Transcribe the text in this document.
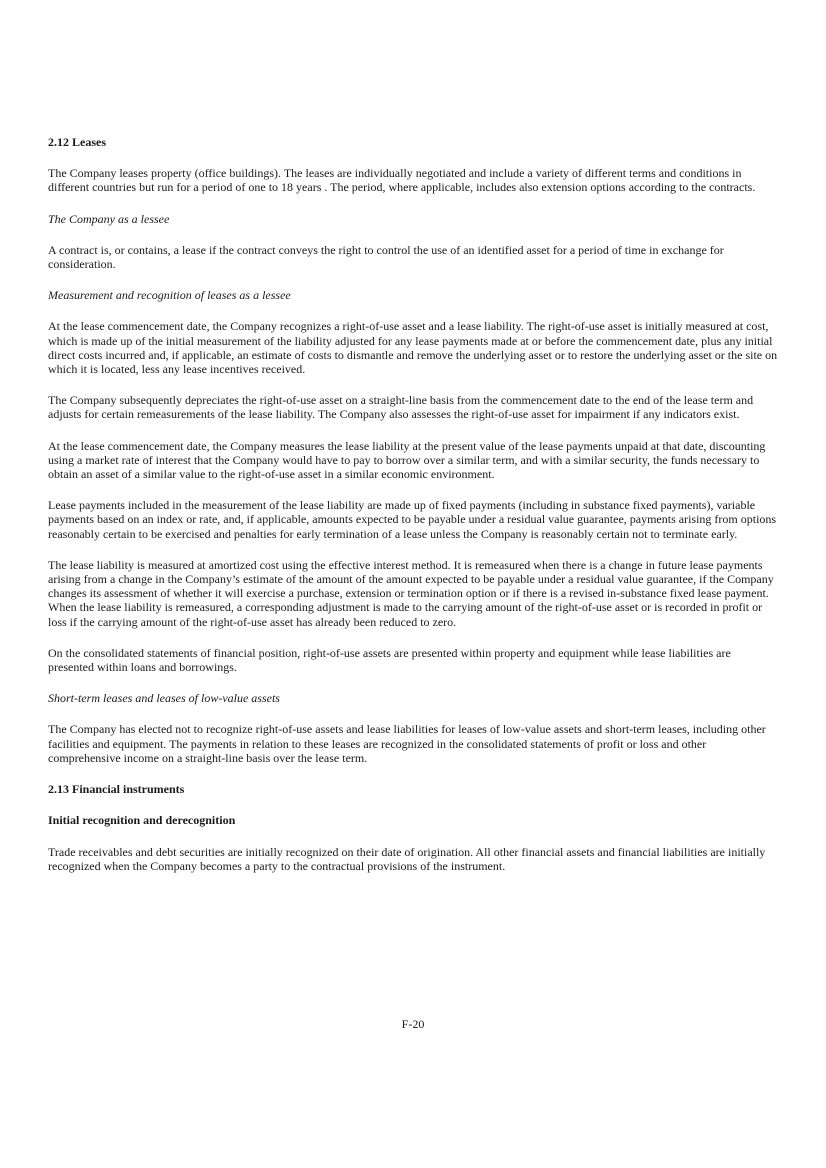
2.12 Leases
The Company leases property (office buildings). The leases are individually negotiated and include a variety of different terms and conditions in different countries but run for a period of one to 18 years . The period, where applicable, includes also extension options according to the contracts.
The Company as a lessee
A contract is, or contains, a lease if the contract conveys the right to control the use of an identified asset for a period of time in exchange for consideration.
Measurement and recognition of leases as a lessee
At the lease commencement date, the Company recognizes a right-of-use asset and a lease liability. The right-of-use asset is initially measured at cost, which is made up of the initial measurement of the liability adjusted for any lease payments made at or before the commencement date, plus any initial direct costs incurred and, if applicable, an estimate of costs to dismantle and remove the underlying asset or to restore the underlying asset or the site on which it is located, less any lease incentives received.
The Company subsequently depreciates the right-of-use asset on a straight-line basis from the commencement date to the end of the lease term and adjusts for certain remeasurements of the lease liability. The Company also assesses the right-of-use asset for impairment if any indicators exist.
At the lease commencement date, the Company measures the lease liability at the present value of the lease payments unpaid at that date, discounting using a market rate of interest that the Company would have to pay to borrow over a similar term, and with a similar security, the funds necessary to obtain an asset of a similar value to the right-of-use asset in a similar economic environment.
Lease payments included in the measurement of the lease liability are made up of fixed payments (including in substance fixed payments), variable payments based on an index or rate, and, if applicable, amounts expected to be payable under a residual value guarantee, payments arising from options reasonably certain to be exercised and penalties for early termination of a lease unless the Company is reasonably certain not to terminate early.
The lease liability is measured at amortized cost using the effective interest method. It is remeasured when there is a change in future lease payments arising from a change in the Company’s estimate of the amount of the amount expected to be payable under a residual value guarantee, if the Company changes its assessment of whether it will exercise a purchase, extension or termination option or if there is a revised in-substance fixed lease payment. When the lease liability is remeasured, a corresponding adjustment is made to the carrying amount of the right-of-use asset or is recorded in profit or loss if the carrying amount of the right-of-use asset has already been reduced to zero.
On the consolidated statements of financial position, right-of-use assets are presented within property and equipment while lease liabilities are presented within loans and borrowings.
Short-term leases and leases of low-value assets
The Company has elected not to recognize right-of-use assets and lease liabilities for leases of low-value assets and short-term leases, including other facilities and equipment. The payments in relation to these leases are recognized in the consolidated statements of profit or loss and other comprehensive income on a straight-line basis over the lease term.
2.13 Financial instruments
Initial recognition and derecognition
Trade receivables and debt securities are initially recognized on their date of origination. All other financial assets and financial liabilities are initially recognized when the Company becomes a party to the contractual provisions of the instrument.
F-20
